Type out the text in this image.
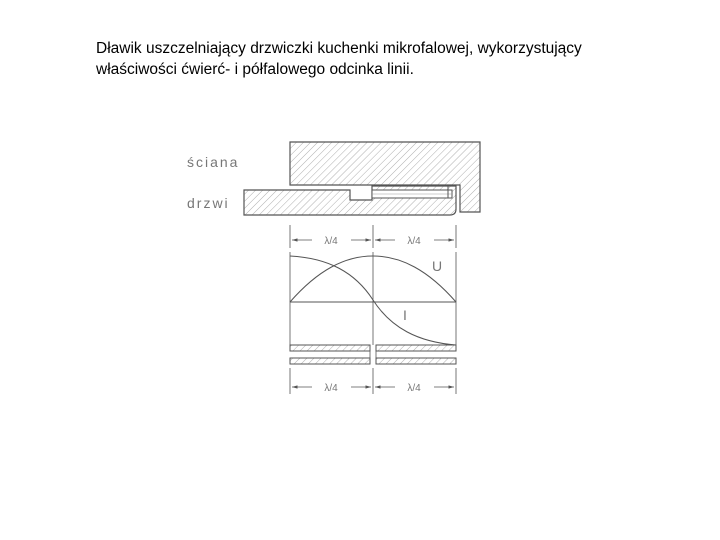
Dławik uszczelniający drzwiczki kuchenki mikrofalowej, wykorzystujący
właściwości ćwierć- i półfalowego odcinka linii.
ściana
drzwi
λ/4	λ/4
U
I
λ/4	λ/4
